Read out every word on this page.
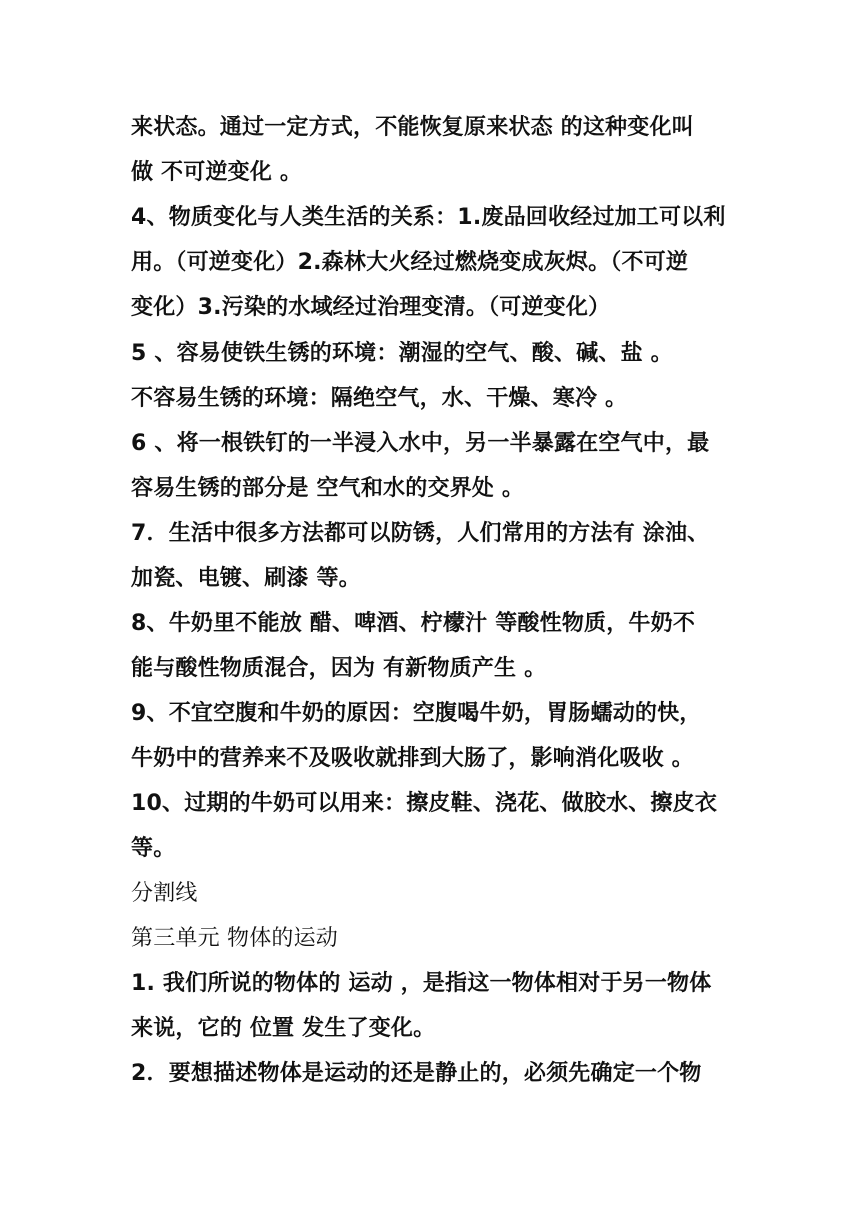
来状态。通过一定方式，不能恢复原来状态 的这种变化叫
做 不可逆变化 。
4、物质变化与人类生活的关系：1.废品回收经过加工可以利
用。（可逆变化）2.森林大火经过燃烧变成灰烬。（不可逆
变化）3.污染的水域经过治理变清。（可逆变化）
5 、容易使铁生锈的环境：潮湿的空气、酸、碱、盐 。
不容易生锈的环境：隔绝空气，水、干燥、寒冷 。
6 、将一根铁钉的一半浸入水中，另一半暴露在空气中，最
容易生锈的部分是 空气和水的交界处 。
7．生活中很多方法都可以防锈，人们常用的方法有 涂油、
加瓷、电镀、刷漆 等。
8、牛奶里不能放 醋、啤酒、柠檬汁 等酸性物质，牛奶不
能与酸性物质混合，因为 有新物质产生 。
9、不宜空腹和牛奶的原因：空腹喝牛奶，胃肠蠕动的快，
牛奶中的营养来不及吸收就排到大肠了，影响消化吸收 。
10、过期的牛奶可以用来：擦皮鞋、浇花、做胶水、擦皮衣
等。
分割线
第三单元 物体的运动
1. 我们所说的物体的 运动 ，是指这一物体相对于另一物体
来说，它的 位置 发生了变化。
2．要想描述物体是运动的还是静止的，必须先确定一个物
